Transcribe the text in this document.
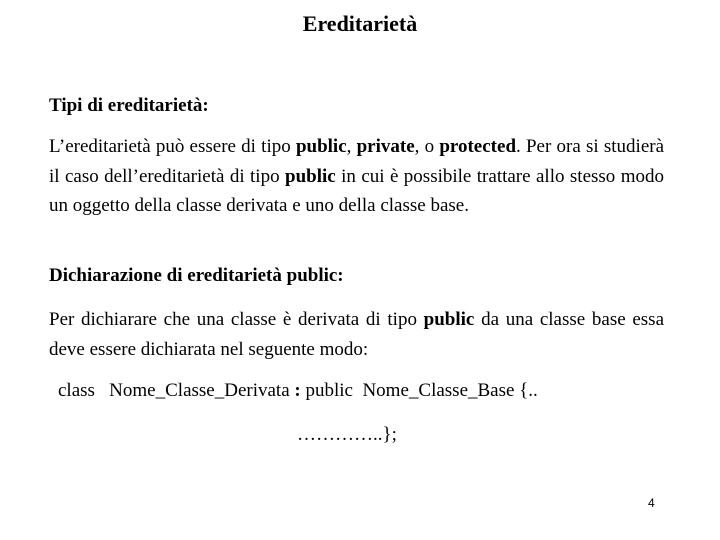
Ereditarietà
Tipi di ereditarietà:
L’ereditarietà può essere di tipo public, private, o protected. Per ora si studierà il caso dell’ereditarietà di tipo public in cui è possibile trattare allo stesso modo un oggetto della classe derivata e uno della classe base.
Dichiarazione di ereditarietà public:
Per dichiarare che una classe è derivata di tipo public da una classe base essa deve essere dichiarata nel seguente modo:
class   Nome_Classe_Derivata : public  Nome_Classe_Base {..
…………..};
4
